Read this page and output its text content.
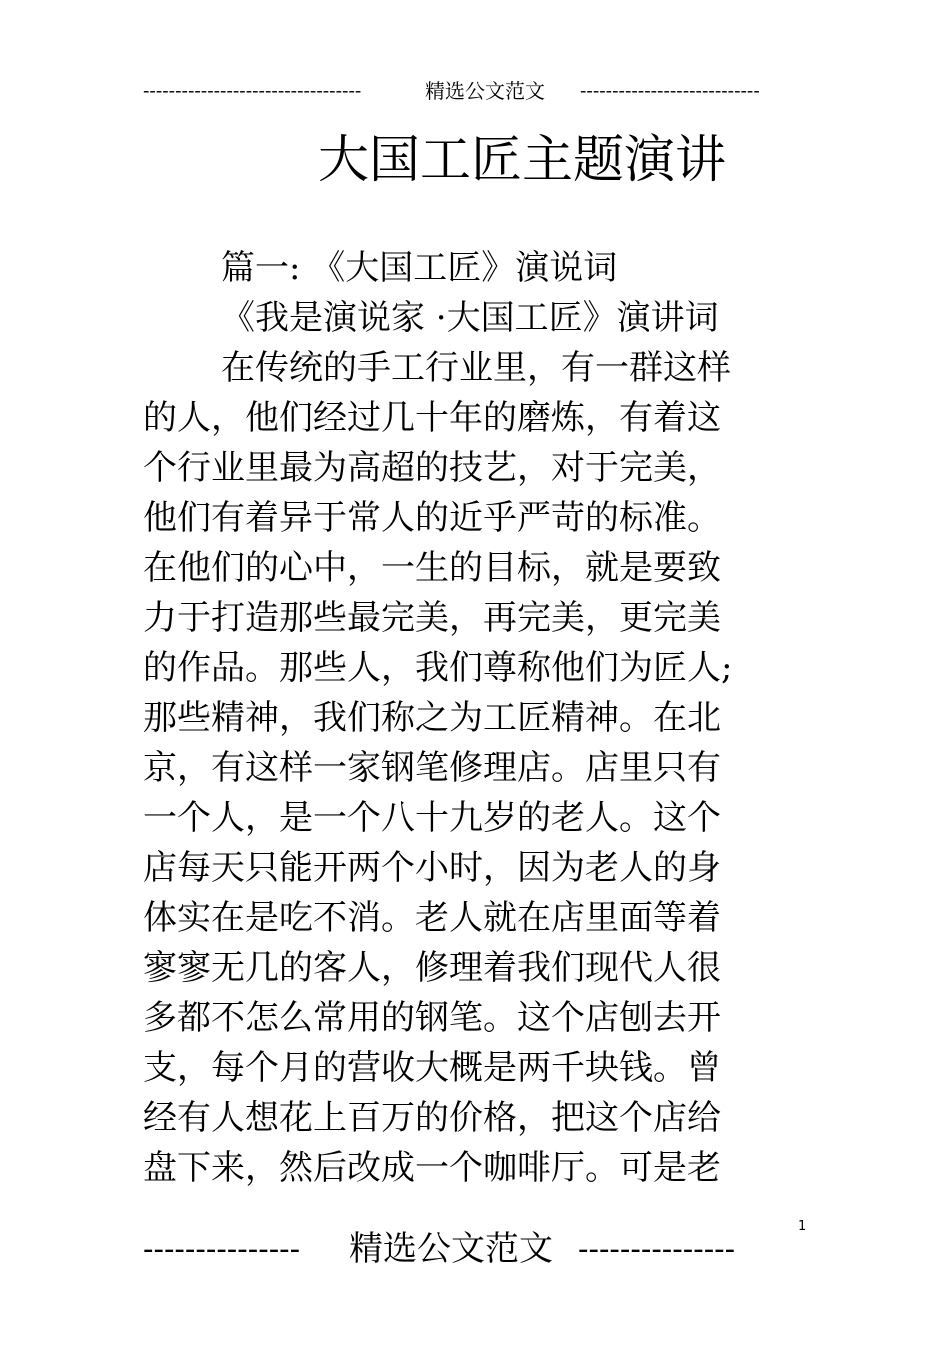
----------------------------------	精选公文范文 ----------------------------
大国工匠主题演讲
篇一: 《大国工匠》演说词
《我是演说家 ·大国工匠》演讲词
在传统的手工行业里，有一群这样
的人，他们经过几十年的磨炼，有着这
个行业里最为高超的技艺，对于完美，
他们有着异于常人的近乎严苛的标准。
在他们的心中，一生的目标，就是要致
力于打造那些最完美，再完美，更完美
的作品。那些人，我们尊称他们为匠人;
那些精神，我们称之为工匠精神。在北
京，有这样一家钢笔修理店。店里只有
一个人，是一个八十九岁的老人。这个
店每天只能开两个小时，因为老人的身
体实在是吃不消。老人就在店里面等着
寥寥无几的客人，修理着我们现代人很
多都不怎么常用的钢笔。这个店刨去开
支，每个月的营收大概是两千块钱。曾
经有人想花上百万的价格，把这个店给
盘下来，然后改成一个咖啡厅。可是老
1
--------------- 精选公文范文 ---------------
